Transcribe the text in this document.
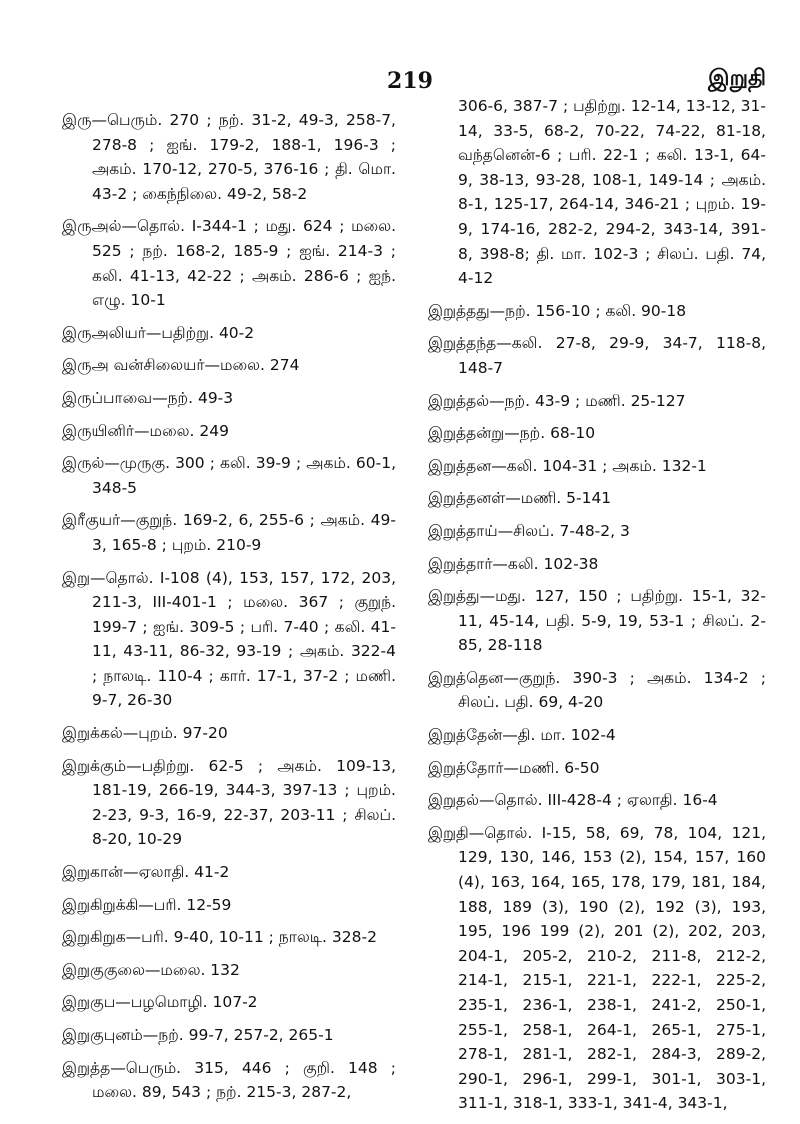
219	இறுதி

இரு—பெரும். 270 ; நற். 31-2, 49-3, 258-7, 278-8 ; ஐங். 179-2, 188-1, 196-3 ; அகம். 170-12, 270-5, 376-16 ; தி. மொ. 43-2 ; கைந்நிலை. 49-2, 58-2

இருஅல்—தொல். I-344-1 ; மது. 624 ; மலை. 525 ; நற். 168-2, 185-9 ; ஐங். 214-3 ; கலி. 41-13, 42-22 ; அகம். 286-6 ; ஐந். எழு. 10-1

இருஅலியர்—பதிற்று. 40-2

இருஅ வன்சிலையர்—மலை. 274

இருப்பாவை—நற். 49-3

இருயினிர்—மலை. 249

இருல்—முருகு. 300 ; கலி. 39-9 ; அகம். 60-1, 348-5

இரீகுயர்—குறுந். 169-2, 6, 255-6 ; அகம். 49-3, 165-8 ; புறம். 210-9

இறு—தொல். I-108 (4), 153, 157, 172, 203, 211-3, III-401-1 ; மலை. 367 ; குறுந். 199-7 ; ஐங். 309-5 ; பரி. 7-40 ; கலி. 41-11, 43-11, 86-32, 93-19 ; அகம். 322-4 ; நாலடி. 110-4 ; கார். 17-1, 37-2 ; மணி. 9-7, 26-30

இறுக்கல்—புறம். 97-20

இறுக்கும்—பதிற்று. 62-5 ; அகம். 109-13, 181-19, 266-19, 344-3, 397-13 ; புறம். 2-23, 9-3, 16-9, 22-37, 203-11 ; சிலப். 8-20, 10-29

இறுகான்—ஏலாதி. 41-2

இறுகிறுக்கி—பரி. 12-59

இறுகிறுக—பரி. 9-40, 10-11 ; நாலடி. 328-2

இறுகுகுலை—மலை. 132

இறுகுப—பழமொழி. 107-2

இறுகுபுனம்—நற். 99-7, 257-2, 265-1

இறுத்த—பெரும். 315, 446 ; குறி. 148 ; மலை. 89, 543 ; நற். 215-3, 287-2,

306-6, 387-7 ; பதிற்று. 12-14, 13-12, 31-14, 33-5, 68-2, 70-22, 74-22, 81-18, வந்தனென்-6 ; பரி. 22-1 ; கலி. 13-1, 64-9, 38-13, 93-28, 108-1, 149-14 ; அகம். 8-1, 125-17, 264-14, 346-21 ; புறம். 19-9, 174-16, 282-2, 294-2, 343-14, 391-8, 398-8; தி. மா. 102-3 ; சிலப். பதி. 74, 4-12

இறுத்தது—நற். 156-10 ; கலி. 90-18

இறுத்தந்த—கலி. 27-8, 29-9, 34-7, 118-8, 148-7

இறுத்தல்—நற். 43-9 ; மணி. 25-127

இறுத்தன்று—நற். 68-10

இறுத்தன—கலி. 104-31 ; அகம். 132-1

இறுத்தனள்—மணி. 5-141

இறுத்தாய்—சிலப். 7-48-2, 3

இறுத்தார்—கலி. 102-38

இறுத்து—மது. 127, 150 ; பதிற்று. 15-1, 32-11, 45-14, பதி. 5-9, 19, 53-1 ; சிலப். 2-85, 28-118

இறுத்தென—குறுந். 390-3 ; அகம். 134-2 ; சிலப். பதி. 69, 4-20

இறுத்தேன்—தி. மா. 102-4

இறுத்தோர்—மணி. 6-50

இறுதல்—தொல். III-428-4 ; ஏலாதி. 16-4

இறுதி—தொல். I-15, 58, 69, 78, 104, 121, 129, 130, 146, 153 (2), 154, 157, 160 (4), 163, 164, 165, 178, 179, 181, 184, 188, 189 (3), 190 (2), 192 (3), 193, 195, 196 199 (2), 201 (2), 202, 203, 204-1, 205-2, 210-2, 211-8, 212-2, 214-1, 215-1, 221-1, 222-1, 225-2, 235-1, 236-1, 238-1, 241-2, 250-1, 255-1, 258-1, 264-1, 265-1, 275-1, 278-1, 281-1, 282-1, 284-3, 289-2, 290-1, 296-1, 299-1, 301-1, 303-1, 311-1, 318-1, 333-1, 341-4, 343-1,
